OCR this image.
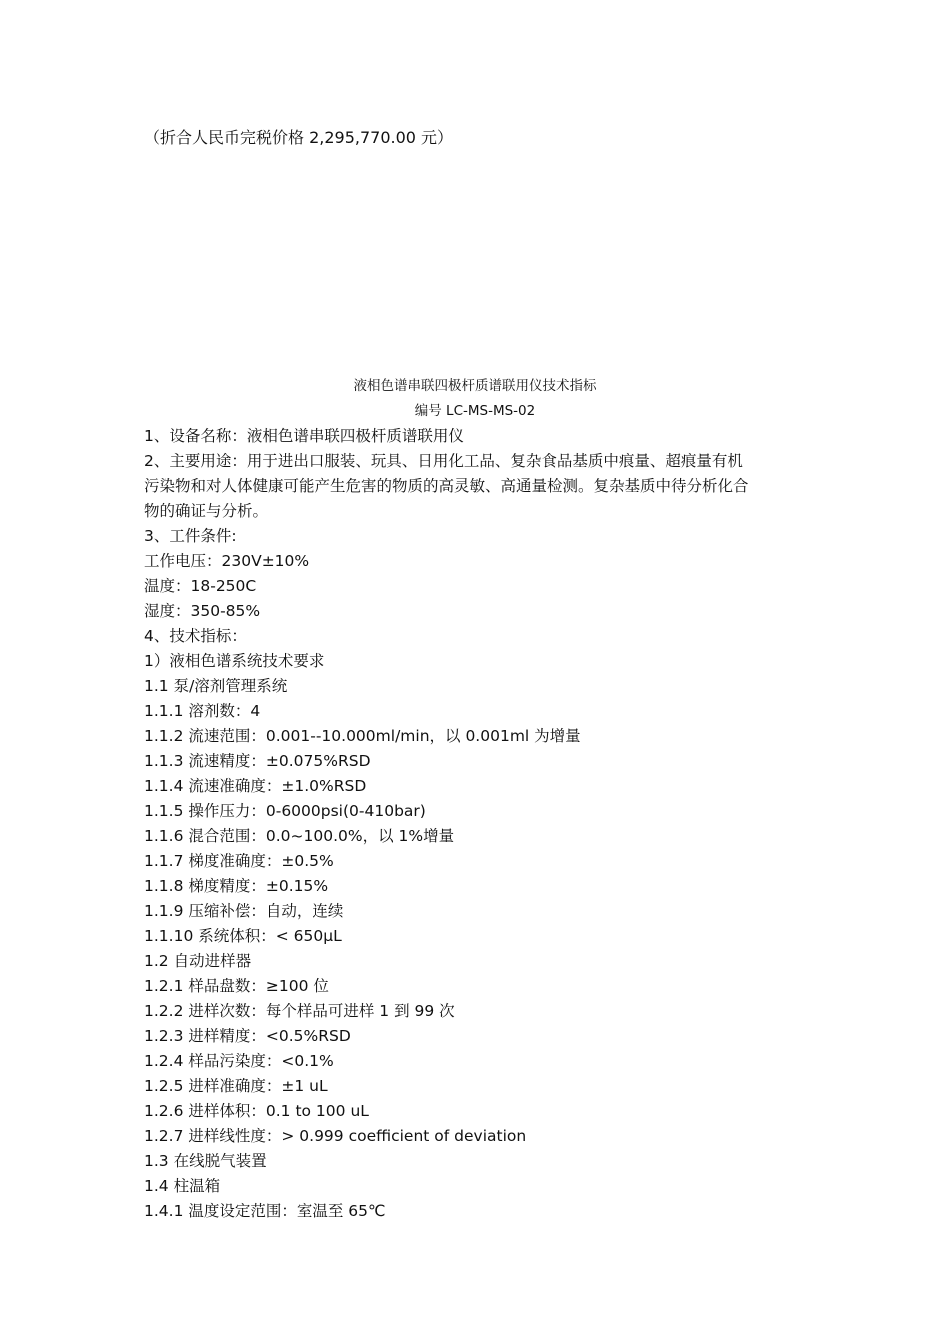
（折合人民币完税价格 2,295,770.00 元）
液相色谱串联四极杆质谱联用仪技术指标
编号 LC-MS-MS-02
1、设备名称：液相色谱串联四极杆质谱联用仪
2、主要用途：用于进出口服装、玩具、日用化工品、复杂食品基质中痕量、超痕量有机
污染物和对人体健康可能产生危害的物质的高灵敏、高通量检测。复杂基质中待分析化合
物的确证与分析。
3、工件条件:
工作电压：230V±10%
温度：18-250C
湿度：350-85%
4、技术指标：
1）液相色谱系统技术要求
1.1 泵/溶剂管理系统
1.1.1 溶剂数：4
1.1.2 流速范围：0.001--10.000ml/min，以 0.001ml 为增量
1.1.3 流速精度：±0.075%RSD
1.1.4 流速准确度：±1.0%RSD
1.1.5 操作压力：0-6000psi(0-410bar)
1.1.6 混合范围：0.0~100.0%，以 1%增量
1.1.7 梯度准确度：±0.5%
1.1.8 梯度精度：±0.15%
1.1.9 压缩补偿：自动，连续
1.1.10 系统体积：< 650μL
1.2 自动进样器
1.2.1 样品盘数：≥100 位
1.2.2 进样次数：每个样品可进样 1 到 99 次
1.2.3 进样精度：<0.5%RSD
1.2.4 样品污染度：<0.1%
1.2.5 进样准确度：±1 uL
1.2.6 进样体积：0.1 to 100 uL
1.2.7 进样线性度：> 0.999 coefficient of deviation
1.3 在线脱气装置
1.4 柱温箱
1.4.1 温度设定范围：室温至 65℃
